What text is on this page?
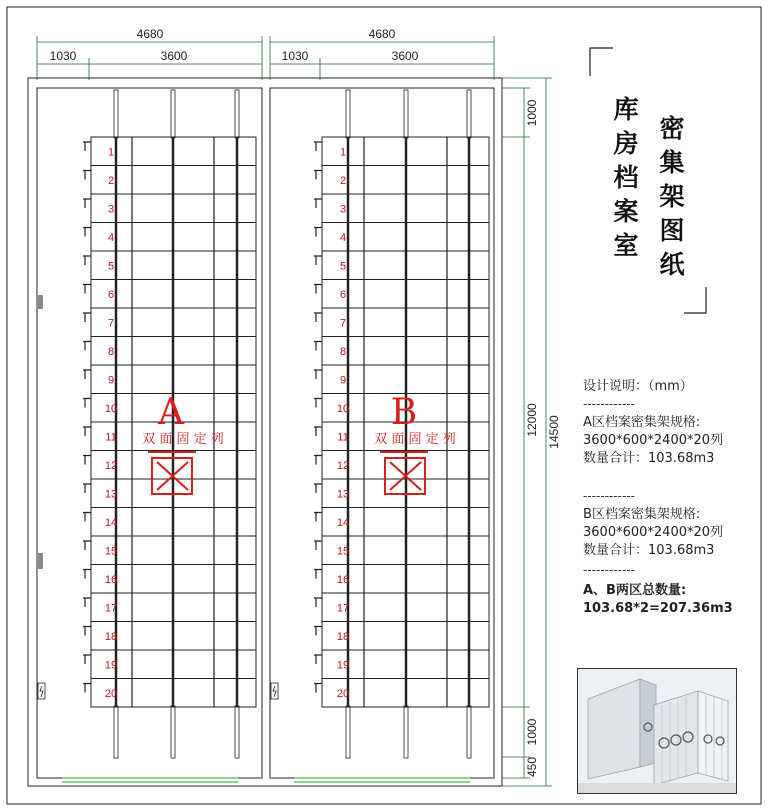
4680
1030	3600
4680
1030	3600
1
2
3
4
5
6
7
8
9
10
11
12
13
14
15
16
17
18
19
20
1
2
3
4
5
6
7
8
9
10
11
12
13
14
15
16
17
18
19
20
A
双 面 固 定 列
B
双 面 固 定 列
1000
12000
1000
450
14500
库
房
档
案
室
密
集
架
图
纸
设计说明：（mm）
------------
A区档案密集架规格:
3600*600*2400*20列
数量合计：103.68m3
------------
B区档案密集架规格:
3600*600*2400*20列
数量合计：103.68m3
------------
A、B两区总数量:
103.68*2=207.36m3
